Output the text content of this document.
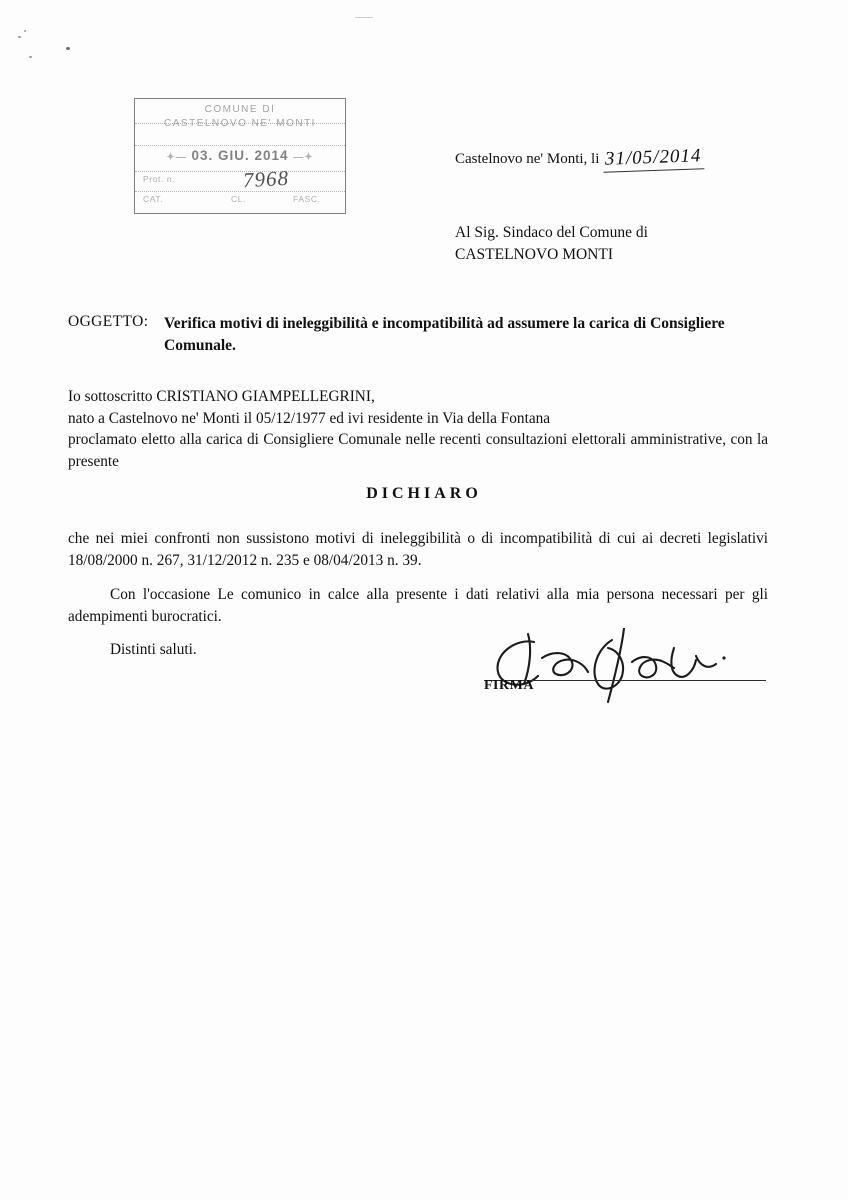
COMUNE DI
CASTELNOVO NE' MONTI
✦— 03. GIU. 2014 —✦
Prot. n.	7968
CAT.	CL.	FASC.
Castelnovo ne' Monti, li 31/05/2014
Al Sig. Sindaco del Comune di
CASTELNOVO MONTI
OGGETTO: Verifica motivi di ineleggibilità e incompatibilità ad assumere la carica di Consigliere Comunale.

Io sottoscritto CRISTIANO GIAMPELLEGRINI,

nato a Castelnovo ne' Monti il 05/12/1977 ed ivi residente in Via della Fontana

proclamato eletto alla carica di Consigliere Comunale nelle recenti consultazioni elettorali amministrative, con la presente

DICHIARO
che nei miei confronti non sussistono motivi di ineleggibilità o di incompatibilità di cui ai decreti legislativi 18/08/2000 n. 267, 31/12/2012 n. 235 e 08/04/2013 n. 39.
Con l'occasione Le comunico in calce alla presente i dati relativi alla mia persona necessari per gli adempimenti burocratici.
Distinti saluti.
FIRMA
